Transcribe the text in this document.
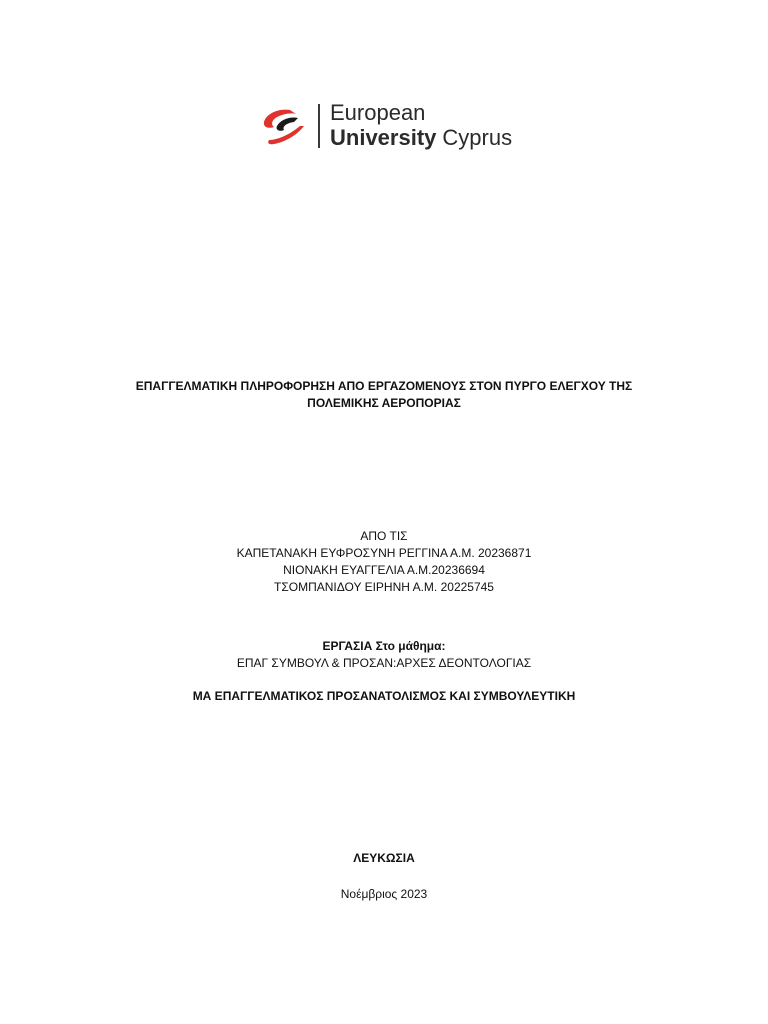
European
University Cyprus
ΕΠΑΓΓΕΛΜΑΤΙΚΗ ΠΛΗΡΟΦΟΡΗΣΗ ΑΠΟ ΕΡΓΑΖΟΜΕΝΟΥΣ ΣΤΟΝ ΠΥΡΓΟ ΕΛΕΓΧΟΥ ΤΗΣ
ΠΟΛΕΜΙΚΗΣ ΑΕΡΟΠΟΡΙΑΣ
ΑΠΟ ΤΙΣ
ΚΑΠΕΤΑΝΑΚΗ ΕΥΦΡΟΣΥΝΗ ΡΕΓΓΙΝΑ Α.Μ. 20236871
ΝΙΟΝΑΚΗ ΕΥΑΓΓΕΛΙΑ Α.Μ.20236694
ΤΣΟΜΠΑΝΙΔΟΥ ΕΙΡΗΝΗ Α.Μ. 20225745
ΕΡΓΑΣΙΑ Στο μάθημα:
ΕΠΑΓ ΣΥΜΒΟΥΛ & ΠΡΟΣΑΝ:ΑΡΧΕΣ ΔΕΟΝΤΟΛΟΓΙΑΣ
ΜΑ ΕΠΑΓΓΕΛΜΑΤΙΚΟΣ ΠΡΟΣΑΝΑΤΟΛΙΣΜΟΣ ΚΑΙ ΣΥΜΒΟΥΛΕΥΤΙΚΗ
ΛΕΥΚΩΣΙΑ
Νοέμβριος 2023
